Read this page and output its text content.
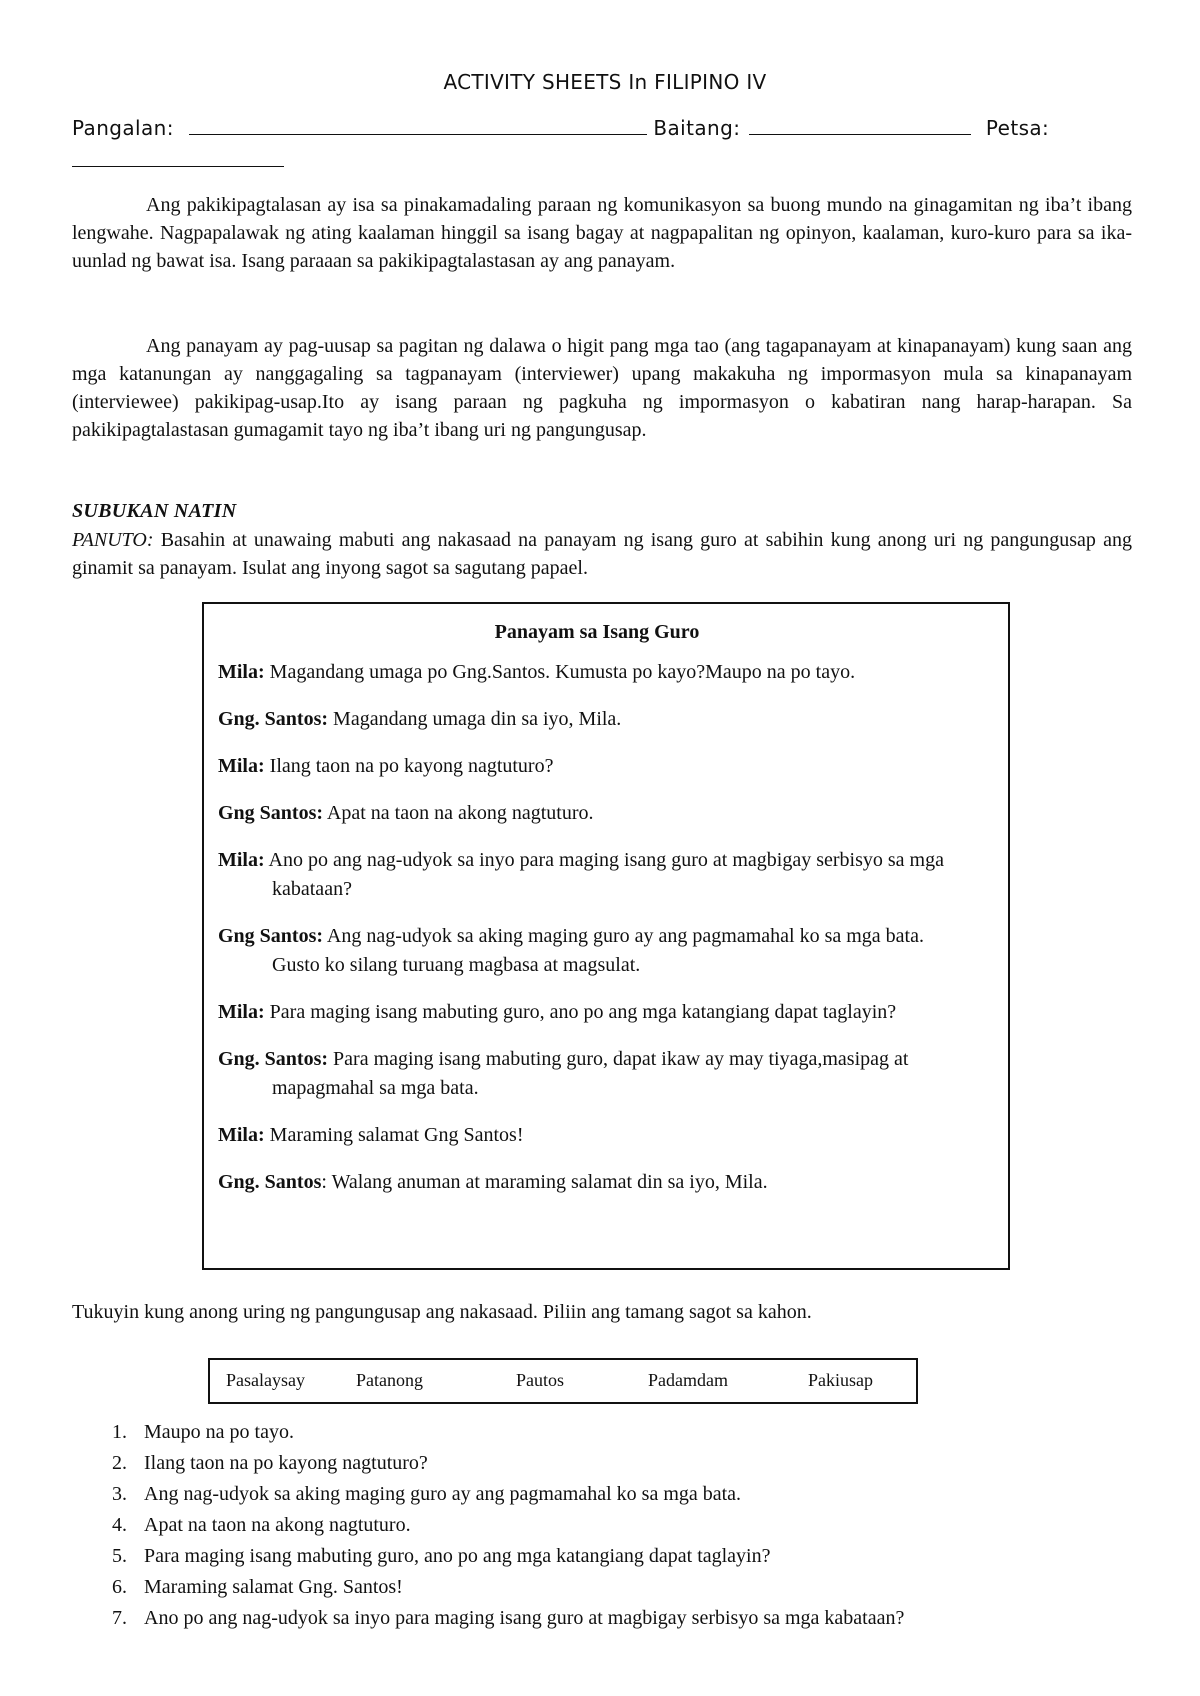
ACTIVITY SHEETS In FILIPINO IV
Pangalan:	Baitang:	Petsa:
Ang pakikipagtalasan ay isa sa pinakamadaling paraan ng komunikasyon sa buong mundo na ginagamitan ng iba’t ibang lengwahe. Nagpapalawak ng ating kaalaman hinggil sa isang bagay at nagpapalitan ng opinyon, kaalaman, kuro-kuro para sa ika-uunlad ng bawat isa. Isang paraaan sa pakikipagtalastasan ay ang panayam.
Ang panayam ay pag-uusap sa pagitan ng dalawa o higit pang mga tao (ang tagapanayam at kinapanayam) kung saan ang mga katanungan ay nanggagaling sa tagpanayam (interviewer) upang makakuha ng impormasyon mula sa kinapanayam (interviewee) pakikipag-usap.Ito ay isang paraan ng pagkuha ng impormasyon o kabatiran nang harap-harapan. Sa pakikipagtalastasan gumagamit tayo ng iba’t ibang uri ng pangungusap.
SUBUKAN NATIN
PANUTO: Basahin at unawaing mabuti ang nakasaad na panayam ng isang guro at sabihin kung anong uri ng pangungusap ang ginamit sa panayam. Isulat ang inyong sagot sa sagutang papael.
Panayam sa Isang Guro
Mila: Magandang umaga po Gng.Santos. Kumusta po kayo?Maupo na po tayo.
Gng. Santos: Magandang umaga din sa iyo, Mila.
Mila: Ilang taon na po kayong nagtuturo?
Gng Santos: Apat na taon na akong nagtuturo.
Mila: Ano po ang nag-udyok sa inyo para maging isang guro at magbigay serbisyo sa mga kabataan?
Gng Santos: Ang nag-udyok sa aking maging guro ay ang pagmamahal ko sa mga bata. Gusto ko silang turuang magbasa at magsulat.
Mila: Para maging isang mabuting guro, ano po ang mga katangiang dapat taglayin?
Gng. Santos: Para maging isang mabuting guro, dapat ikaw ay may tiyaga,masipag at mapagmahal sa mga bata.
Mila: Maraming salamat Gng Santos!
Gng. Santos: Walang anuman at maraming salamat din sa iyo, Mila.
Tukuyin kung anong uring ng pangungusap ang nakasaad. Piliin ang tamang sagot sa kahon.
Pasalaysay	Patanong	Pautos	Padamdam	Pakiusap
1. Maupo na po tayo.
2. Ilang taon na po kayong nagtuturo?
3. Ang nag-udyok sa aking maging guro ay ang pagmamahal ko sa mga bata.
4. Apat na taon na akong nagtuturo.
5. Para maging isang mabuting guro, ano po ang mga katangiang dapat taglayin?
6. Maraming salamat Gng. Santos!
7. Ano po ang nag-udyok sa inyo para maging isang guro at magbigay serbisyo sa mga kabataan?
